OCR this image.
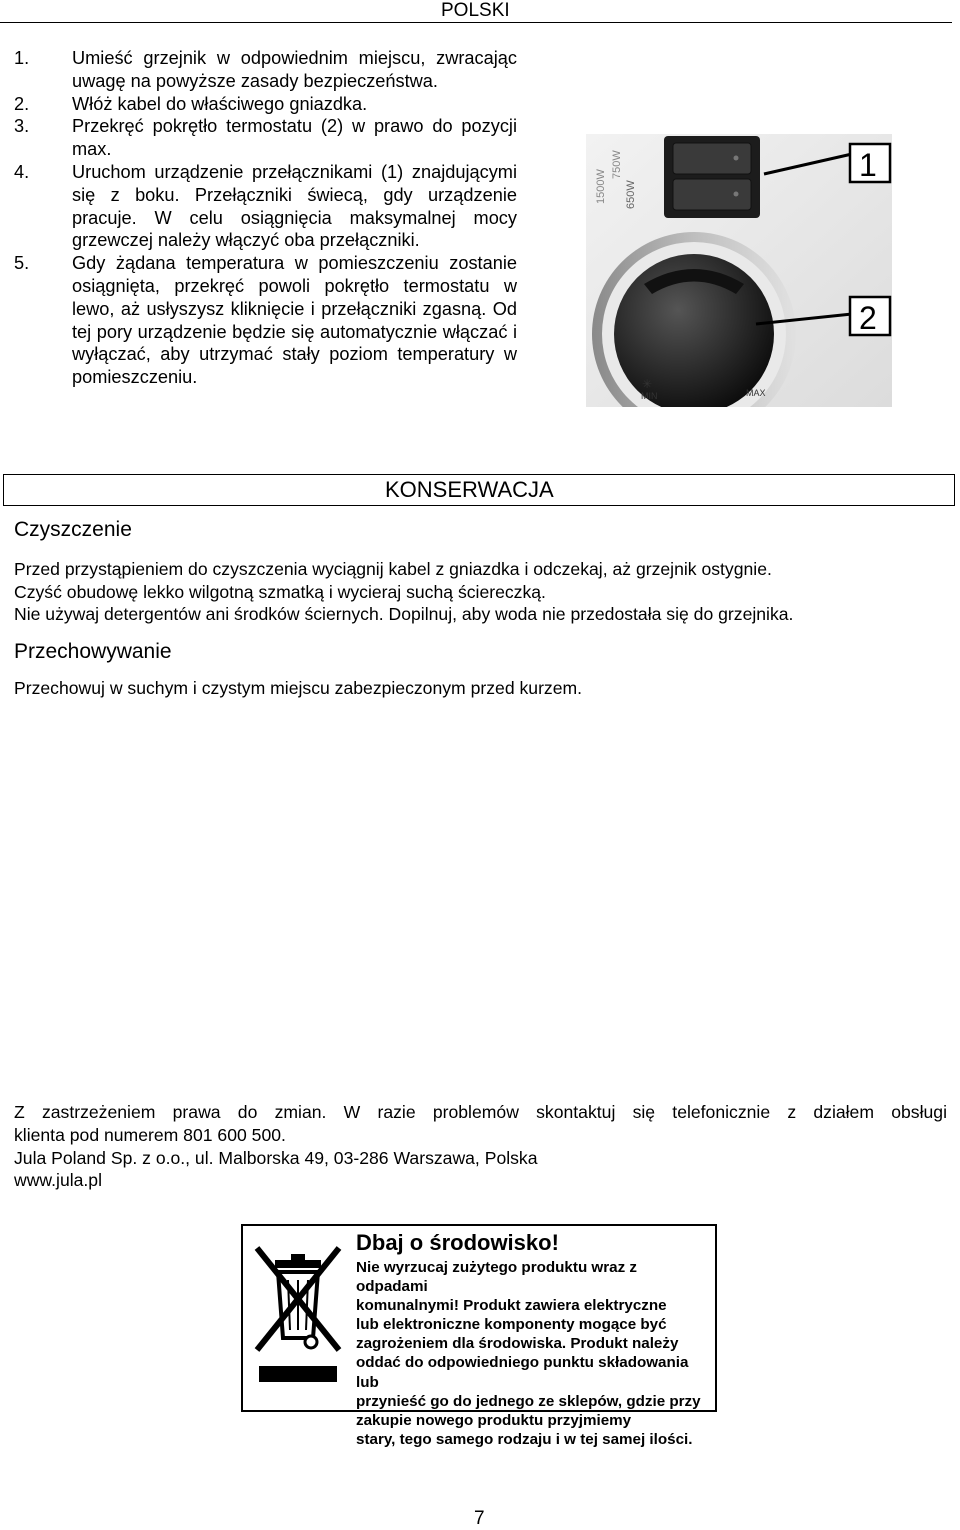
POLSKI
1.	Umieść grzejnik w odpowiednim miejscu, zwracając uwagę na powyższe zasady bezpieczeństwa.
2.	Włóż kabel do właściwego gniazdka.
3.	Przekręć pokrętło termostatu (2) w prawo do pozycji max.
4.	Uruchom urządzenie przełącznikami (1) znajdującymi się z boku. Przełączniki świecą, gdy urządzenie pracuje. W celu osiągnięcia maksymalnej mocy grzewczej należy włączyć oba przełączniki.
5.	Gdy żądana temperatura w pomieszczeniu zostanie osiągnięta, przekręć powoli pokrętło termostatu w lewo, aż usłyszysz kliknięcie i przełączniki zgasną. Od tej pory urządzenie będzie się automatycznie włączać i wyłączać, aby utrzymać stały poziom temperatury w pomieszczeniu.
650W
1500W
750W
MIN	MAX
✳
1
2
KONSERWACJA
Czyszczenie
Przed przystąpieniem do czyszczenia wyciągnij kabel z gniazdka i odczekaj, aż grzejnik ostygnie.
Czyść obudowę lekko wilgotną szmatką i wycieraj suchą ściereczką.
Nie używaj detergentów ani środków ściernych. Dopilnuj, aby woda nie przedostała się do grzejnika.
Przechowywanie
Przechowuj w suchym i czystym miejscu zabezpieczonym przed kurzem.
Z zastrzeżeniem prawa do zmian. W razie problemów skontaktuj się telefonicznie z działem obsługi
klienta pod numerem 801 600 500.
Jula Poland Sp. z o.o., ul. Malborska 49, 03-286 Warszawa, Polska
www.jula.pl
Dbaj o środowisko!
Nie wyrzucaj zużytego produktu wraz z odpadami
komunalnymi! Produkt zawiera elektryczne
lub elektroniczne komponenty mogące być
zagrożeniem dla środowiska. Produkt należy
oddać do odpowiedniego punktu składowania lub
przynieść go do jednego ze sklepów, gdzie przy
zakupie nowego produktu przyjmiemy
stary, tego samego rodzaju i w tej samej ilości.
7
